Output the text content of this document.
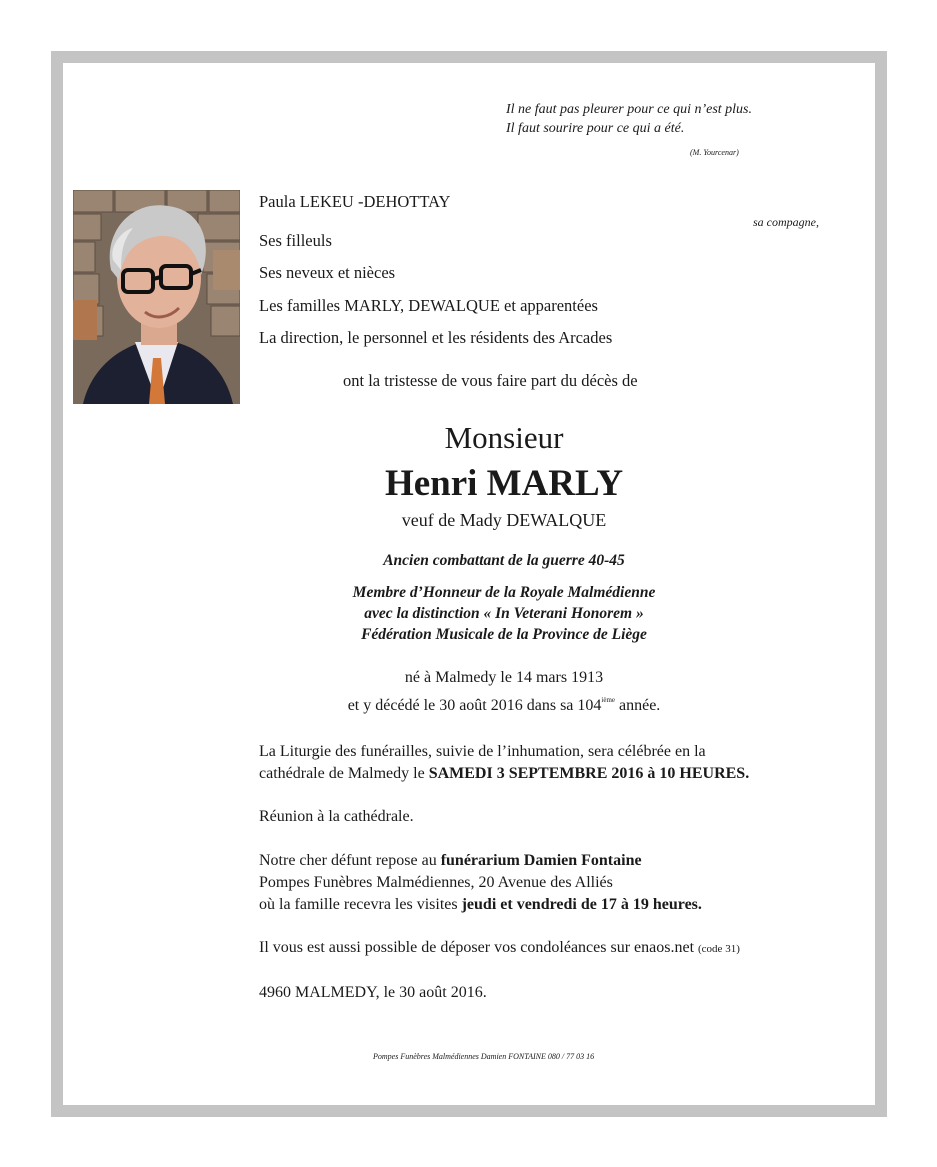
Il ne faut pas pleurer pour ce qui n’est plus.
Il faut sourire pour ce qui a été.
(M. Yourcenar)
Paula LEKEU -DEHOTTAY
sa compagne,
Ses filleuls
Ses neveux et nièces
Les familles MARLY, DEWALQUE et apparentées
La direction, le personnel et les résidents des Arcades
ont la tristesse de vous faire part du décès de
Monsieur
Henri MARLY
veuf de Mady DEWALQUE
Ancien combattant de la guerre 40-45
Membre d’Honneur de la Royale Malmédienne
avec la distinction « In Veterani Honorem »
Fédération Musicale de la Province de Liège
né à Malmedy le 14 mars 1913
et y décédé le 30 août 2016 dans sa 104ième année.
La Liturgie des funérailles, suivie de l’inhumation, sera célébrée en la
cathédrale de Malmedy le SAMEDI 3 SEPTEMBRE 2016 à 10 HEURES.
Réunion à la cathédrale.
Notre cher défunt repose au funérarium Damien Fontaine
Pompes Funèbres Malmédiennes, 20 Avenue des Alliés
où la famille recevra les visites jeudi et vendredi de 17 à 19 heures.
Il vous est aussi possible de déposer vos condoléances sur enaos.net (code 31)
4960 MALMEDY, le 30 août 2016.
Pompes Funèbres Malmédiennes Damien FONTAINE 080 / 77 03 16
